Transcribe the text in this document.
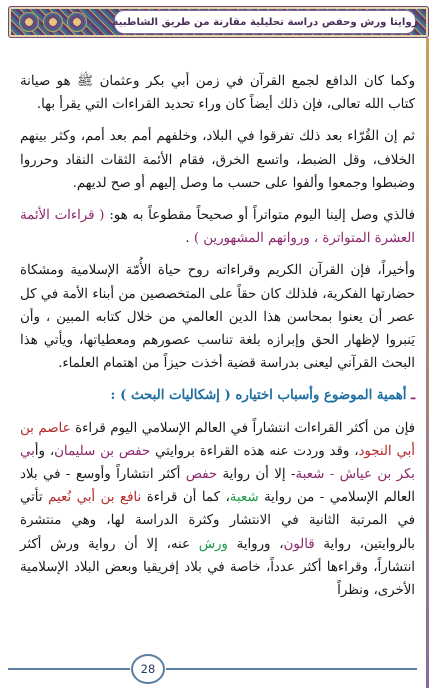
روايتا ورش وحفص دراسة تحليلية مقارنة من طريق الشاطبية

وكما كان الدافع لجمع القرآن في زمن أبي بكر وعثمان ﷺ هو صيانة كتاب الله تعالى، فإن ذلك أيضاً كان وراء تحديد القراءات التي يقرأ بها.

ثم إن القُرّاء بعد ذلك تفرقوا في البلاد، وخلفهم أمم بعد أمم، وكثر بينهم الخلاف، وقل الضبط، واتسع الخرق، فقام الأئمة الثقات النقاد وحرروا وضبطوا وجمعوا وألفوا على حسب ما وصل إليهم أو صح لديهم.

فالذي وصل إلينا اليوم متواتراً أو صحيحاً مقطوعاً به هو: ( قراءات الأئمة العشرة المتواترة ، ورواتهم المشهورين ) .

وأخيراً، فإن القرآن الكريم وقراءاته روح حياة الأُمّة الإسلامية ومشكاة حضارتها الفكرية، فلذلك كان حقاً على المتخصصين من أبناء الأمة في كل عصر أن يعنوا بمحاسن هذا الدين العالمي من خلال كتابه المبين ، وأن يَنبروا لإظهار الحق وإبرازه بلغة تناسب عصورهم ومعطياتها، ويأتي هذا البحث القرآني ليعنى بدراسة قضية أخذت حيزاً من اهتمام العلماء.

ـ أهمية الموضوع وأسباب اختياره ( إشكاليات البحث ) :

فإن من أكثر القراءات انتشاراً في العالم الإسلامي اليوم قراءة عاصم بن أبي النجود، وقد وردت عنه هذه القراءة بروايتي حفص بن سليمان، وأبي بكر بن عياش - شعبة- إلا أن رواية حفص أكثر انتشاراً وأوسع - في بلاد العالم الإسلامي - من رواية شعبة، كما أن قراءة نافع بن أبي نُعيم تأتي في المرتبة الثانية في الانتشار وكثرة الدراسة لها، وهي منتشرة بالروايتين، رواية قالون، ورواية ورش عنه، إلا أن رواية ورش أكثر انتشاراً، وقراءها أكثر عدداً، خاصة في بلاد إفريقيا وبعض البلاد الإسلامية الأخرى، ونظراً

28
